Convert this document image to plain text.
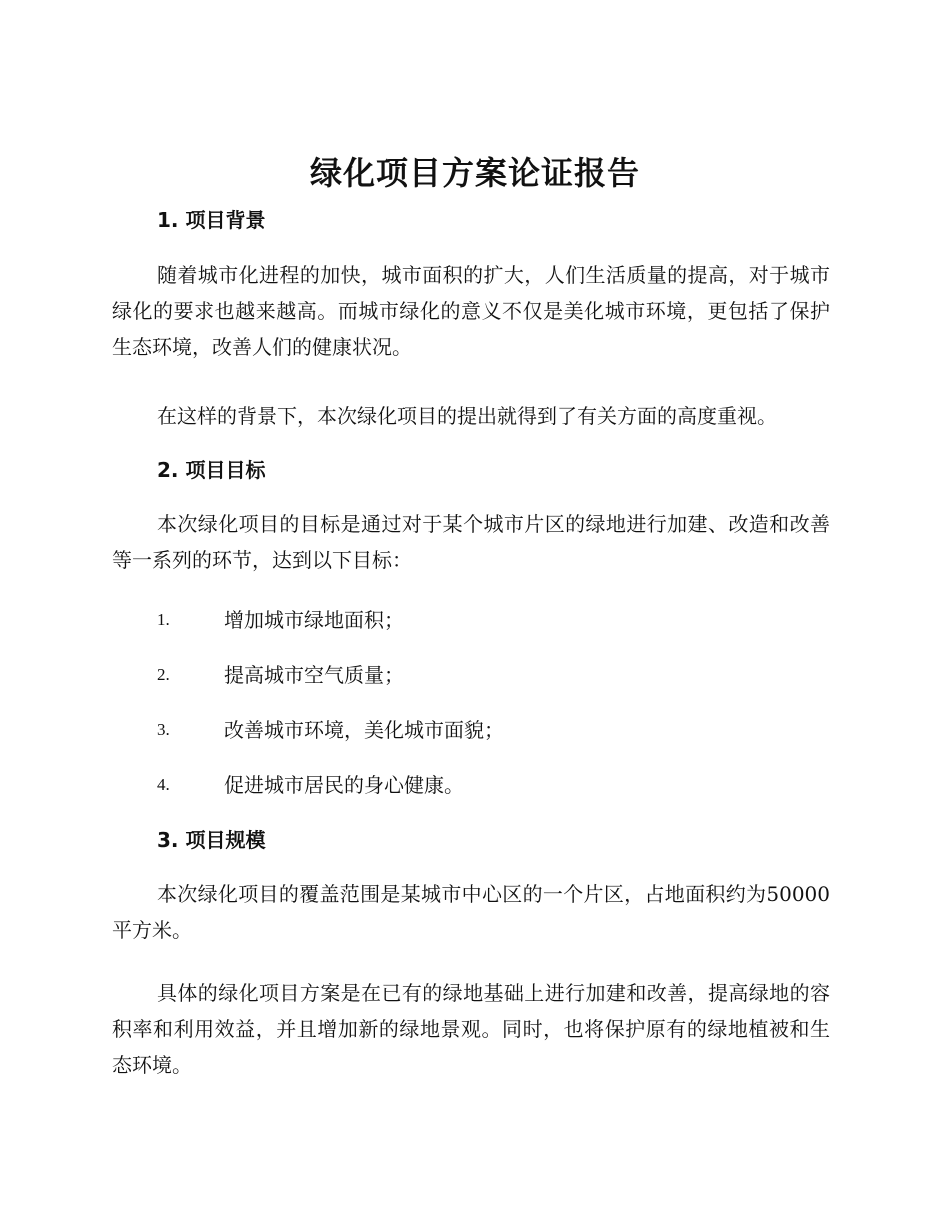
绿化项目方案论证报告
1. 项目背景

随着城市化进程的加快，城市面积的扩大，人们生活质量的提高，对于城市绿化的要求也越来越高。而城市绿化的意义不仅是美化城市环境，更包括了保护生态环境，改善人们的健康状况。

在这样的背景下，本次绿化项目的提出就得到了有关方面的高度重视。

2. 项目目标

本次绿化项目的目标是通过对于某个城市片区的绿地进行加建、改造和改善等一系列的环节，达到以下目标：

1.	增加城市绿地面积；
2.	提高城市空气质量；
3.	改善城市环境，美化城市面貌；
4.	促进城市居民的身心健康。
3. 项目规模

本次绿化项目的覆盖范围是某城市中心区的一个片区，占地面积约为50000 平方米。

具体的绿化项目方案是在已有的绿地基础上进行加建和改善，提高绿地的容积率和利用效益，并且增加新的绿地景观。同时，也将保护原有的绿地植被和生态环境。
